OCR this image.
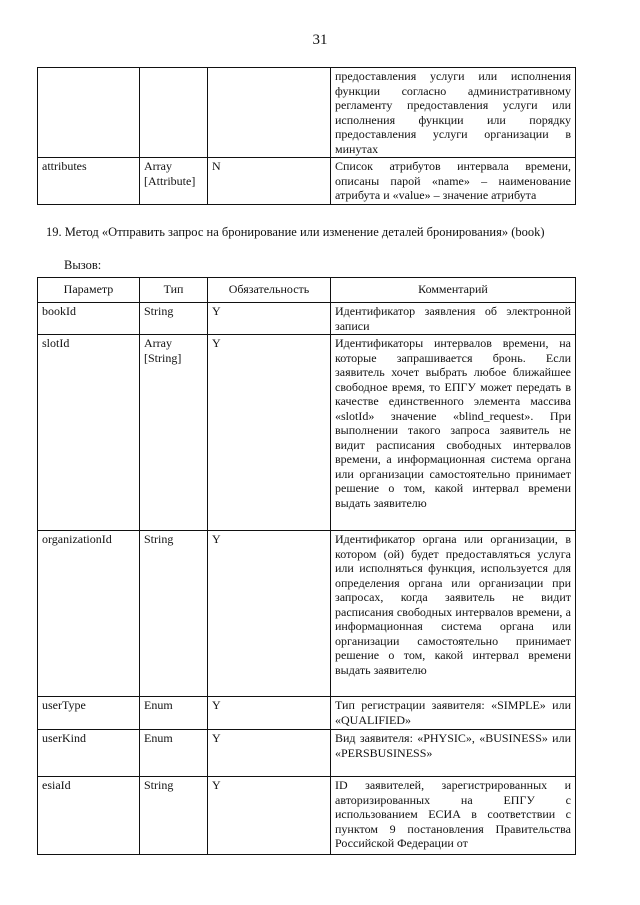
31
			предоставления услуги или исполнения функции согласно административному регламенту предоставления услуги или исполнения функции или порядку предоставления услуги организации в минутах
attributes	Array [Attribute]	N	Список атрибутов интервала времени, описаны парой «name» – наименование атрибута и «value» – значение атрибута
19. Метод «Отправить запрос на бронирование или изменение деталей бронирования» (book)
Вызов:
Параметр	Тип	Обязательность	Комментарий
bookId	String	Y	Идентификатор заявления об электронной записи
slotId	Array [String]	Y	Идентификаторы интервалов времени, на которые запрашивается бронь. Если заявитель хочет выбрать любое ближайшее свободное время, то ЕПГУ может передать в качестве единственного элемента массива «slotId» значение «blind_request». При выполнении такого запроса заявитель не видит расписания свободных интервалов времени, а информационная система органа или организации самостоятельно принимает решение о том, какой интервал времени выдать заявителю
organizationId	String	Y	Идентификатор органа или организации, в котором (ой) будет предоставляться услуга или исполняться функция, используется для определения органа или организации при запросах, когда заявитель не видит расписания свободных интервалов времени, а информационная система органа или организации самостоятельно принимает решение о том, какой интервал времени выдать заявителю
userType	Enum	Y	Тип регистрации заявителя: «SIMPLE» или «QUALIFIED»
userKind	Enum	Y	Вид заявителя: «PHYSIC», «BUSINESS» или «PERSBUSINESS»
esiaId	String	Y	ID заявителей, зарегистрированных и авторизированных на ЕПГУ с использованием ЕСИА в соответствии с пунктом 9 постановления Правительства Российской Федерации от
